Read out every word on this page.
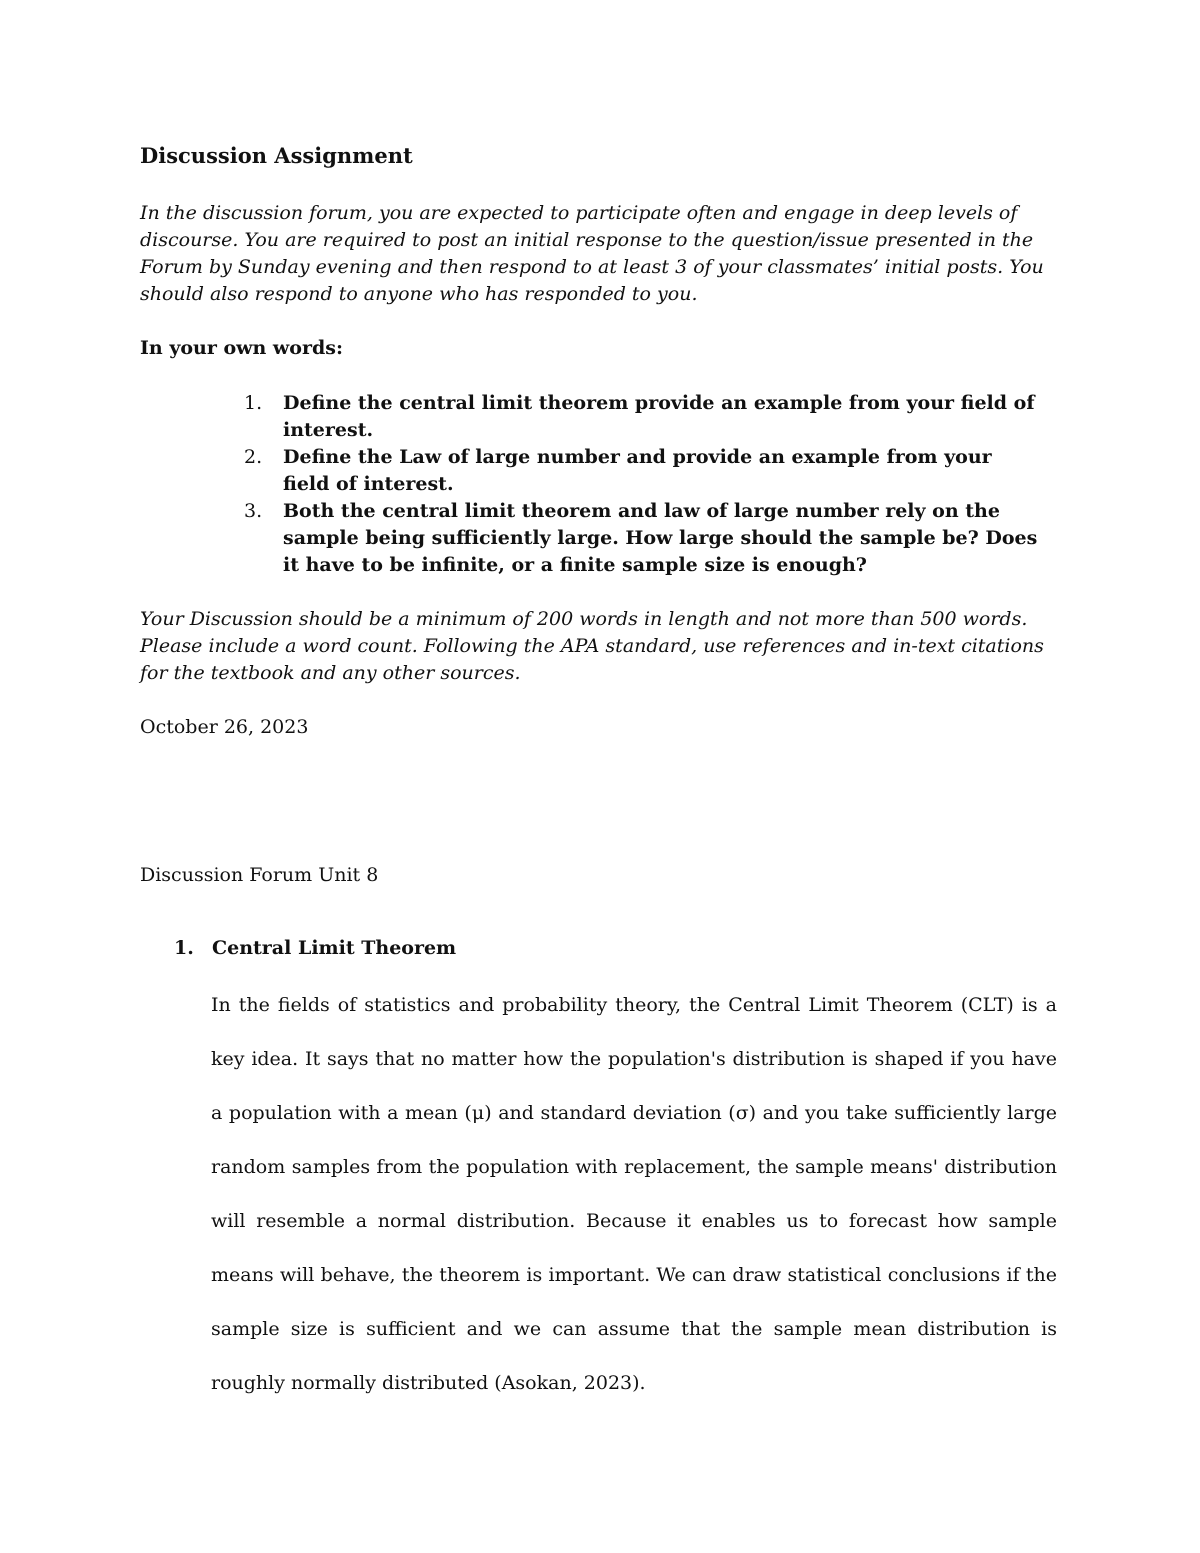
Discussion Assignment

In the discussion forum, you are expected to participate often and engage in deep levels of discourse. You are required to post an initial response to the question/issue presented in the Forum by Sunday evening and then respond to at least 3 of your classmates’ initial posts. You should also respond to anyone who has responded to you.

In your own words:

1. Define the central limit theorem provide an example from your field of interest.
2. Define the Law of large number and provide an example from your field of interest.
3. Both the central limit theorem and law of large number rely on the sample being sufficiently large. How large should the sample be? Does it have to be infinite, or a finite sample size is enough?

Your Discussion should be a minimum of 200 words in length and not more than 500 words. Please include a word count. Following the APA standard, use references and in-text citations for the textbook and any other sources.

October 26, 2023

Discussion Forum Unit 8

1. Central Limit Theorem

In the fields of statistics and probability theory, the Central Limit Theorem (CLT) is a key idea. It says that no matter how the population's distribution is shaped if you have a population with a mean (μ) and standard deviation (σ) and you take sufficiently large random samples from the population with replacement, the sample means' distribution will resemble a normal distribution. Because it enables us to forecast how sample means will behave, the theorem is important. We can draw statistical conclusions if the sample size is sufficient and we can assume that the sample mean distribution is roughly normally distributed (Asokan, 2023).
